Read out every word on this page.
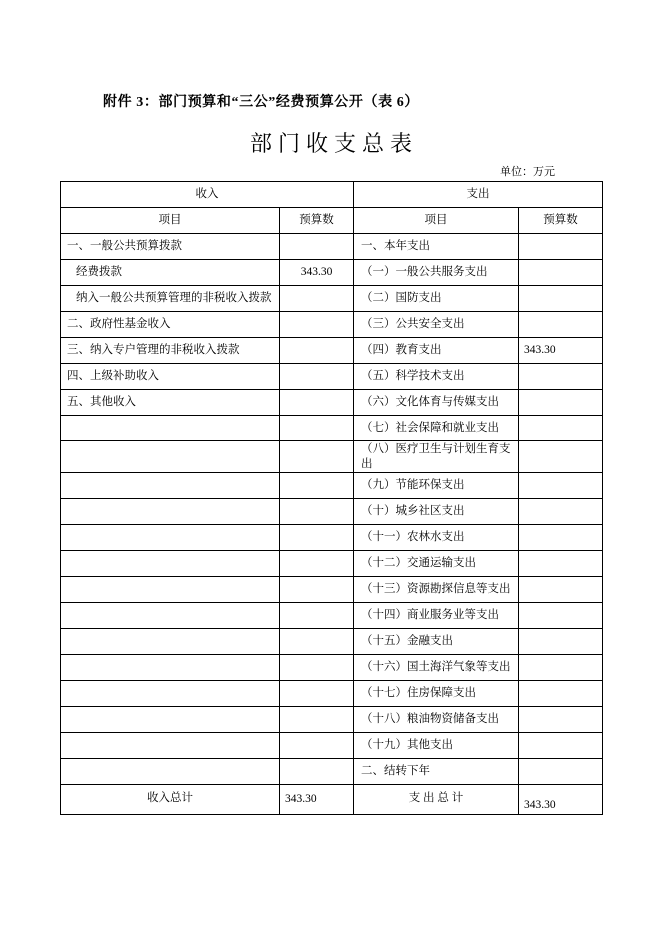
附件 3：部门预算和“三公”经费预算公开（表 6）
部门收支总表
单位：万元
收入		支出	
项目	预算数	项目	预算数
一、一般公共预算拨款		一、本年支出	
经费拨款	343.30	（一）一般公共服务支出	
纳入一般公共预算管理的非税收入拨款		（二）国防支出	
二、政府性基金收入		（三）公共安全支出	
三、纳入专户管理的非税收入拨款		（四）教育支出	343.30
四、上级补助收入		（五）科学技术支出	
五、其他收入		（六）文化体育与传媒支出	
		（七）社会保障和就业支出	
		（八）医疗卫生与计划生育支出	
		（九）节能环保支出	
		（十）城乡社区支出	
		（十一）农林水支出	
		（十二）交通运输支出	
		（十三）资源勘探信息等支出	
		（十四）商业服务业等支出	
		（十五）金融支出	
		（十六）国土海洋气象等支出	
		（十七）住房保障支出	
		（十八）粮油物资储备支出	
		（十九）其他支出	
		二、结转下年	
收入总计	343.30	支 出 总 计	343.30
